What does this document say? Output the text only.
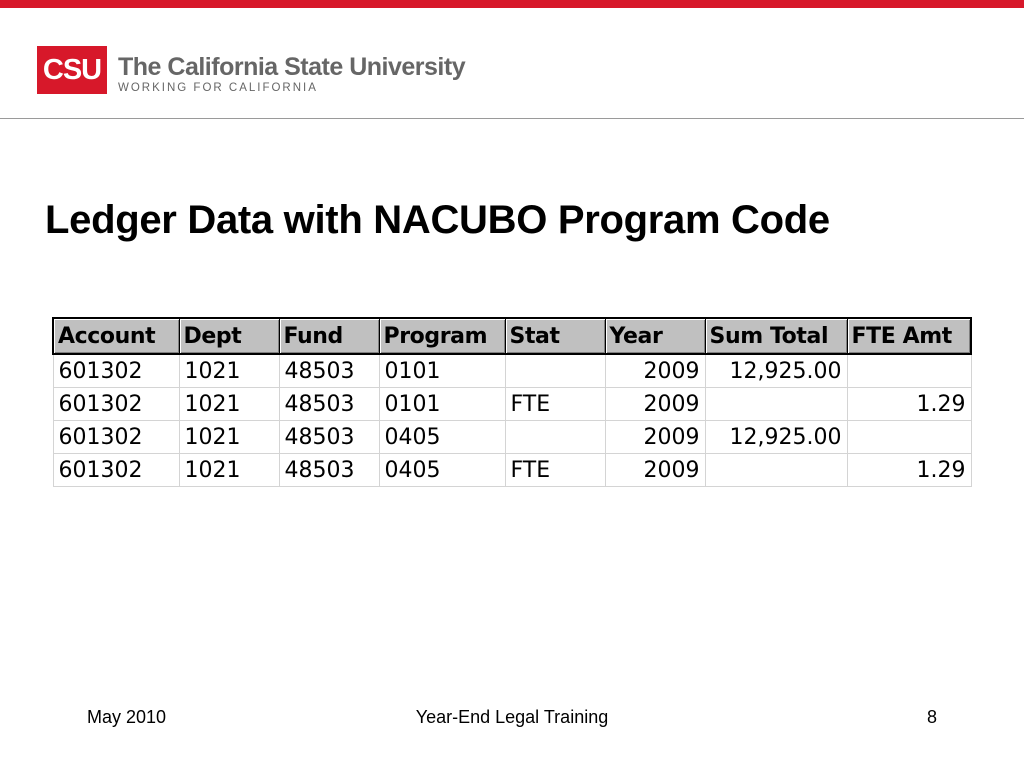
CSU The California State University
WORKING FOR CALIFORNIA
Ledger Data with NACUBO Program Code
Account	Dept	Fund	Program	Stat	Year	Sum Total	FTE Amt
601302	1021	48503	0101		2009	12,925.00	
601302	1021	48503	0101	FTE	2009		1.29
601302	1021	48503	0405		2009	12,925.00	
601302	1021	48503	0405	FTE	2009		1.29
May 2010	Year-End Legal Training	8
